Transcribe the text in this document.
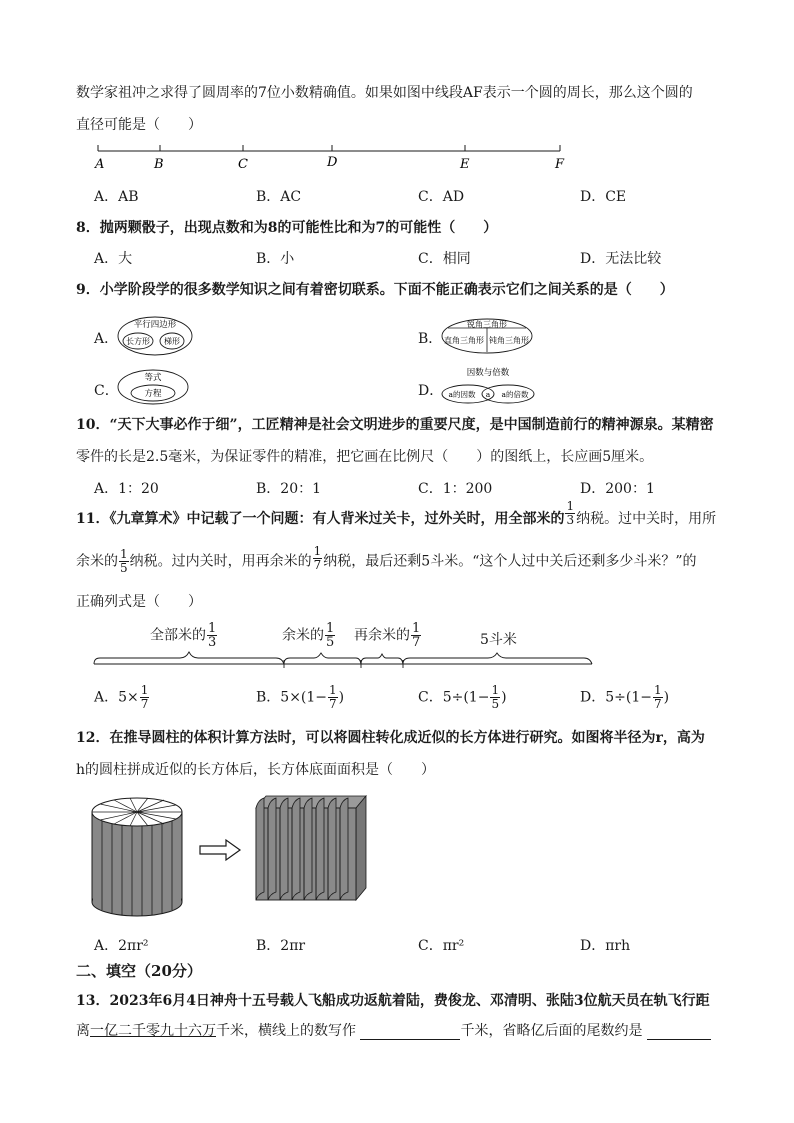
数学家祖冲之求得了圆周率的7位小数精确值。如果如图中线段AF表示一个圆的周长，那么这个圆的
直径可能是（　　）
A	B	C	D	E	F
A．AB	B．AC	C．AD	D．CE
8．抛两颗骰子，出现点数和为8的可能性比和为7的可能性（　　）
A．大	B．小	C．相同	D．无法比较
9．小学阶段学的很多数学知识之间有着密切联系。下面不能正确表示它们之间关系的是（　　）
A．
平行四边形
长方形 梯形	B．
锐角三角形
直角三角形 钝角三角形
C．
等式
方程	D．
因数与倍数
a的因数 a a的倍数
10．“天下大事必作于细”，工匠精神是社会文明进步的重要尺度，是中国制造前行的精神源泉。某精密
零件的长是2.5毫米，为保证零件的精准，把它画在比例尺（　　）的图纸上，长应画5厘米。
A．1：20	B．20：1	C．1：200	D．200：1
11．《九章算术》中记载了一个问题：有人背米过关卡，过外关时，用全部米的 $\frac{1}{3}$ 纳税。过中关时，用所
余米的 $\frac{1}{5}$ 纳税。过内关时，用再余米的 $\frac{1}{7}$ 纳税，最后还剩5斗米。“这个人过中关后还剩多少斗米？”的
正确列式是（　　）
全部米的 $\frac{1}{3}$	余米的 $\frac{1}{5}$ 再余米的 $\frac{1}{7}$	5斗米
A．$5\times \frac{1}{7}$	B．$5\times(1- \frac{1}{7}$ )	C．$5\div(1- \frac{1}{5}$ )	D．$5\div(1- \frac{1}{7}$ )
12．在推导圆柱的体积计算方法时，可以将圆柱转化成近似的长方体进行研究。如图将半径为r，高为
h的圆柱拼成近似的长方体后，长方体底面面积是（　　）
A．2πr²	B．2πr	C．πr²	D．πrh
二、填空（20分）
13．2023年6月4日神舟十五号载人飞船成功返航着陆，费俊龙、邓清明、张陆3位航天员在轨飞行距
离一亿二千零九十六万千米，横线上的数写作	千米，省略亿后面的尾数约是
